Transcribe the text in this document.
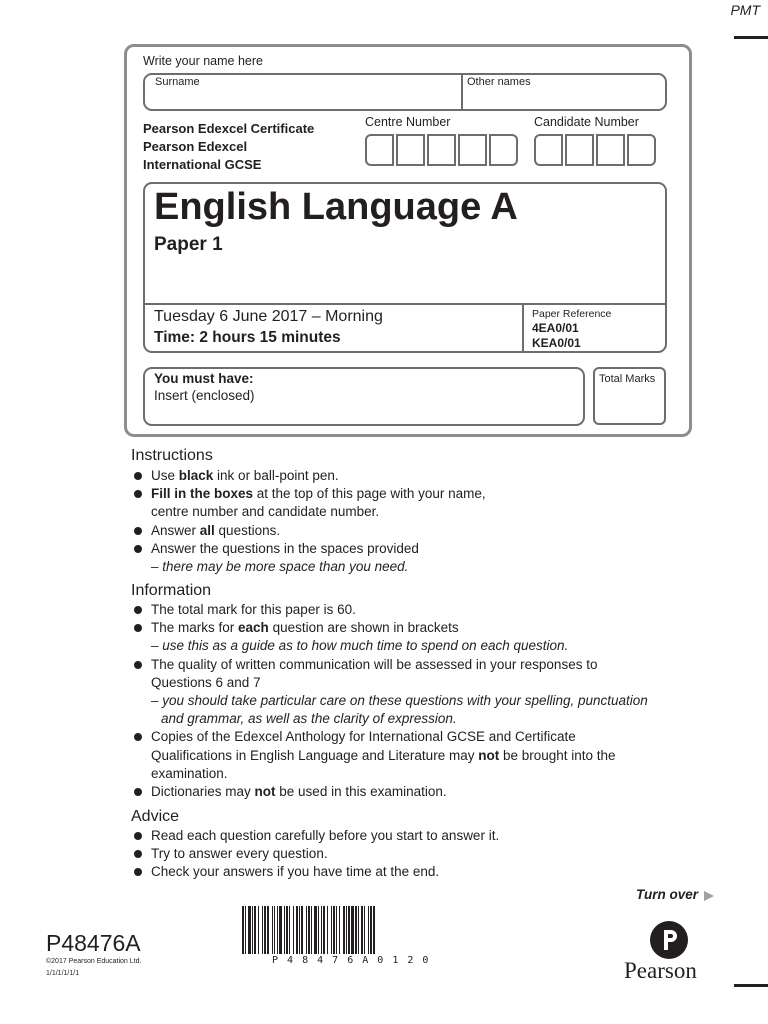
PMT
Write your name here
Surname	Other names
Pearson Edexcel Certificate
Pearson Edexcel
International GCSE
Centre Number	Candidate Number
English Language A
Paper 1
Tuesday 6 June 2017 – Morning
Time: 2 hours 15 minutes
Paper Reference
4EA0/01
KEA0/01
You must have:
Insert (enclosed)
Total Marks
Instructions
Use black ink or ball-point pen.
Fill in the boxes at the top of this page with your name,
centre number and candidate number.
Answer all questions.
Answer the questions in the spaces provided
– there may be more space than you need.
Information
The total mark for this paper is 60.
The marks for each question are shown in brackets
– use this as a guide as to how much time to spend on each question.
The quality of written communication will be assessed in your responses to
Questions 6 and 7
– you should take particular care on these questions with your spelling, punctuation
and grammar, as well as the clarity of expression.
Copies of the Edexcel Anthology for International GCSE and Certificate
Qualifications in English Language and Literature may not be brought into the
examination.
Dictionaries may not be used in this examination.
Advice
Read each question carefully before you start to answer it.
Try to answer every question.
Check your answers if you have time at the end.
Turn over
P48476A
©2017 Pearson Education Ltd.
1/1/1/1/1/1
P 4 8 4 7 6 A 0 1 2 0	Pearson
